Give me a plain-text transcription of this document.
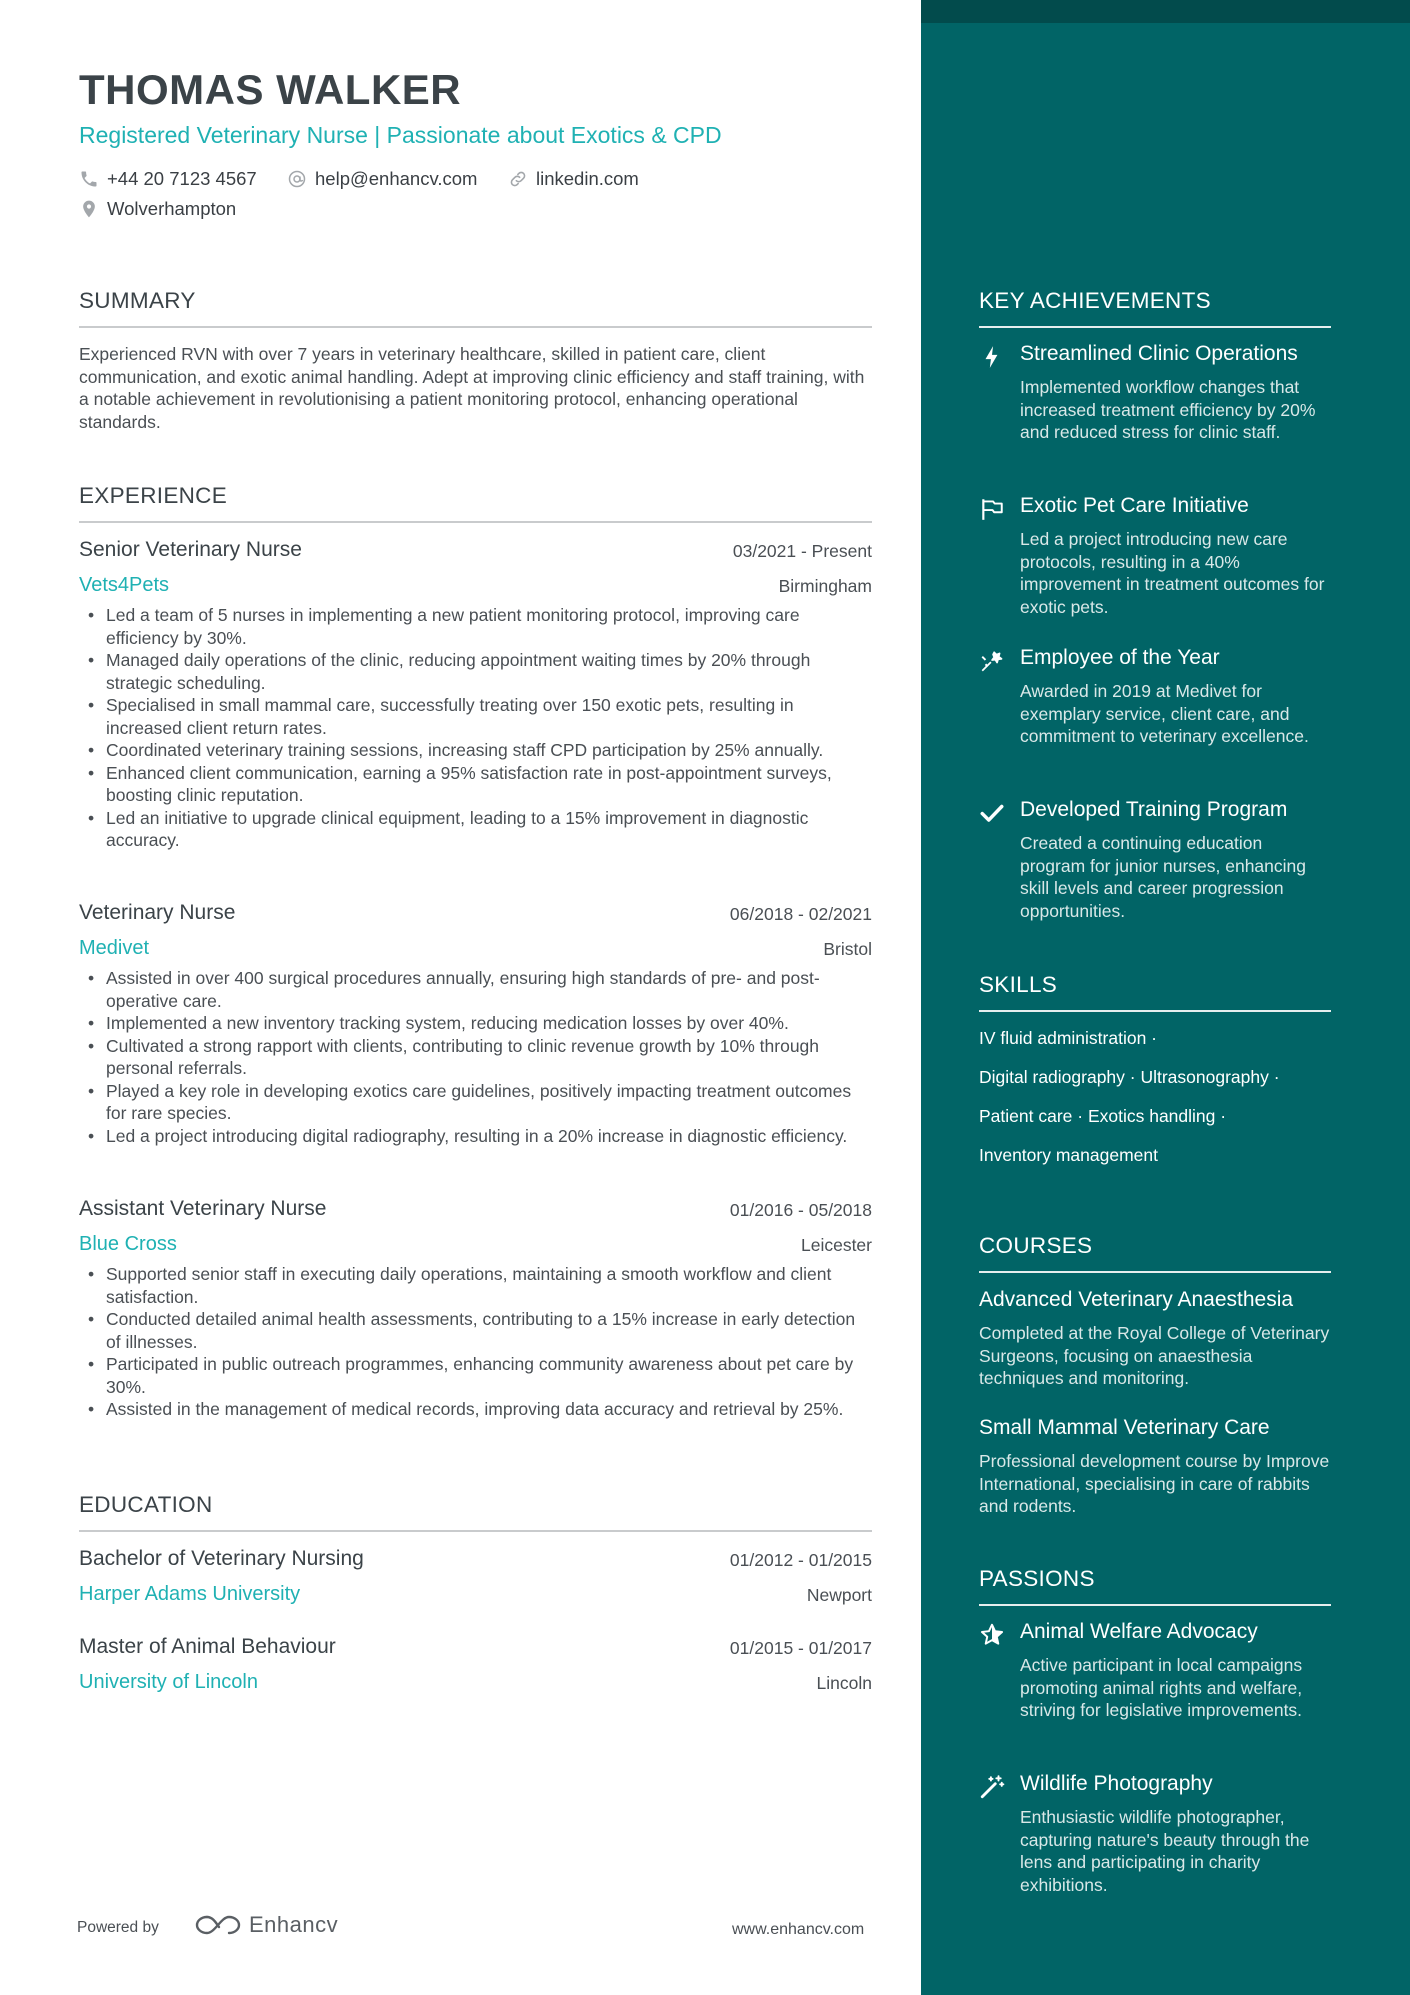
THOMAS WALKER
Registered Veterinary Nurse | Passionate about Exotics & CPD
+44 20 7123 4567	help@enhancv.com	linkedin.com
Wolverhampton
SUMMARY
Experienced RVN with over 7 years in veterinary healthcare, skilled in patient care, client communication, and exotic animal handling. Adept at improving clinic efficiency and staff training, with a notable achievement in revolutionising a patient monitoring protocol, enhancing operational standards.
EXPERIENCE
Senior Veterinary Nurse	03/2021 - Present
Vets4Pets	Birmingham
• Led a team of 5 nurses in implementing a new patient monitoring protocol, improving care efficiency by 30%.
• Managed daily operations of the clinic, reducing appointment waiting times by 20% through strategic scheduling.
• Specialised in small mammal care, successfully treating over 150 exotic pets, resulting in increased client return rates.
• Coordinated veterinary training sessions, increasing staff CPD participation by 25% annually.
• Enhanced client communication, earning a 95% satisfaction rate in post-appointment surveys, boosting clinic reputation.
• Led an initiative to upgrade clinical equipment, leading to a 15% improvement in diagnostic accuracy.
Veterinary Nurse	06/2018 - 02/2021
Medivet	Bristol
• Assisted in over 400 surgical procedures annually, ensuring high standards of pre- and post-operative care.
• Implemented a new inventory tracking system, reducing medication losses by over 40%.
• Cultivated a strong rapport with clients, contributing to clinic revenue growth by 10% through personal referrals.
• Played a key role in developing exotics care guidelines, positively impacting treatment outcomes for rare species.
• Led a project introducing digital radiography, resulting in a 20% increase in diagnostic efficiency.
Assistant Veterinary Nurse	01/2016 - 05/2018
Blue Cross	Leicester
• Supported senior staff in executing daily operations, maintaining a smooth workflow and client satisfaction.
• Conducted detailed animal health assessments, contributing to a 15% increase in early detection of illnesses.
• Participated in public outreach programmes, enhancing community awareness about pet care by 30%.
• Assisted in the management of medical records, improving data accuracy and retrieval by 25%.
EDUCATION
Bachelor of Veterinary Nursing	01/2012 - 01/2015
Harper Adams University	Newport
Master of Animal Behaviour	01/2015 - 01/2017
University of Lincoln	Lincoln
Powered by	Enhancv	www.enhancv.com
KEY ACHIEVEMENTS
Streamlined Clinic Operations
Implemented workflow changes that increased treatment efficiency by 20% and reduced stress for clinic staff.
Exotic Pet Care Initiative
Led a project introducing new care protocols, resulting in a 40% improvement in treatment outcomes for exotic pets.
Employee of the Year
Awarded in 2019 at Medivet for exemplary service, client care, and commitment to veterinary excellence.
Developed Training Program
Created a continuing education program for junior nurses, enhancing skill levels and career progression opportunities.
SKILLS
IV fluid administration ·
Digital radiography · Ultrasonography ·
Patient care · Exotics handling ·
Inventory management
COURSES
Advanced Veterinary Anaesthesia
Completed at the Royal College of Veterinary Surgeons, focusing on anaesthesia techniques and monitoring.
Small Mammal Veterinary Care
Professional development course by Improve International, specialising in care of rabbits and rodents.
PASSIONS
Animal Welfare Advocacy
Active participant in local campaigns promoting animal rights and welfare, striving for legislative improvements.
Wildlife Photography
Enthusiastic wildlife photographer, capturing nature's beauty through the lens and participating in charity exhibitions.
